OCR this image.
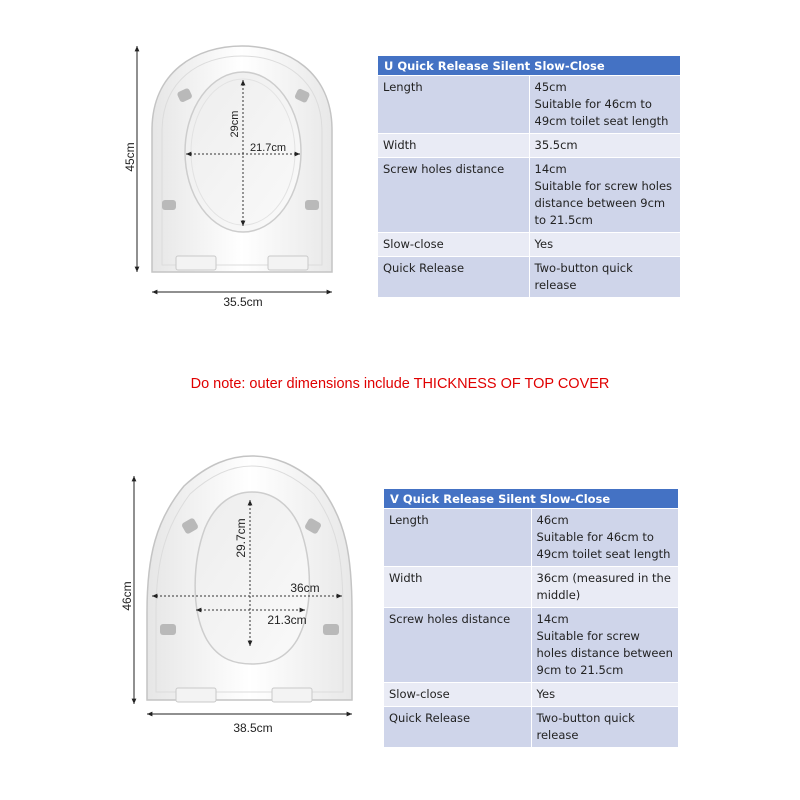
45cm
35.5cm
29cm
21.7cm
46cm
38.5cm
29.7cm
36cm
21.3cm
U Quick Release Silent Slow-Close	
Length	45cm
Suitable for 46cm to 49cm toilet seat length
Width	35.5cm
Screw holes distance	14cm
Suitable for screw holes distance between 9cm to 21.5cm
Slow-close	Yes
Quick Release	Two-button quick release
Do note: outer dimensions include THICKNESS OF TOP COVER
V Quick Release Silent Slow-Close	
Length	46cm
Suitable for 46cm to 49cm toilet seat length
Width	36cm (measured in the middle)
Screw holes distance	14cm
Suitable for screw holes distance between 9cm to 21.5cm
Slow-close	Yes
Quick Release	Two-button quick release
